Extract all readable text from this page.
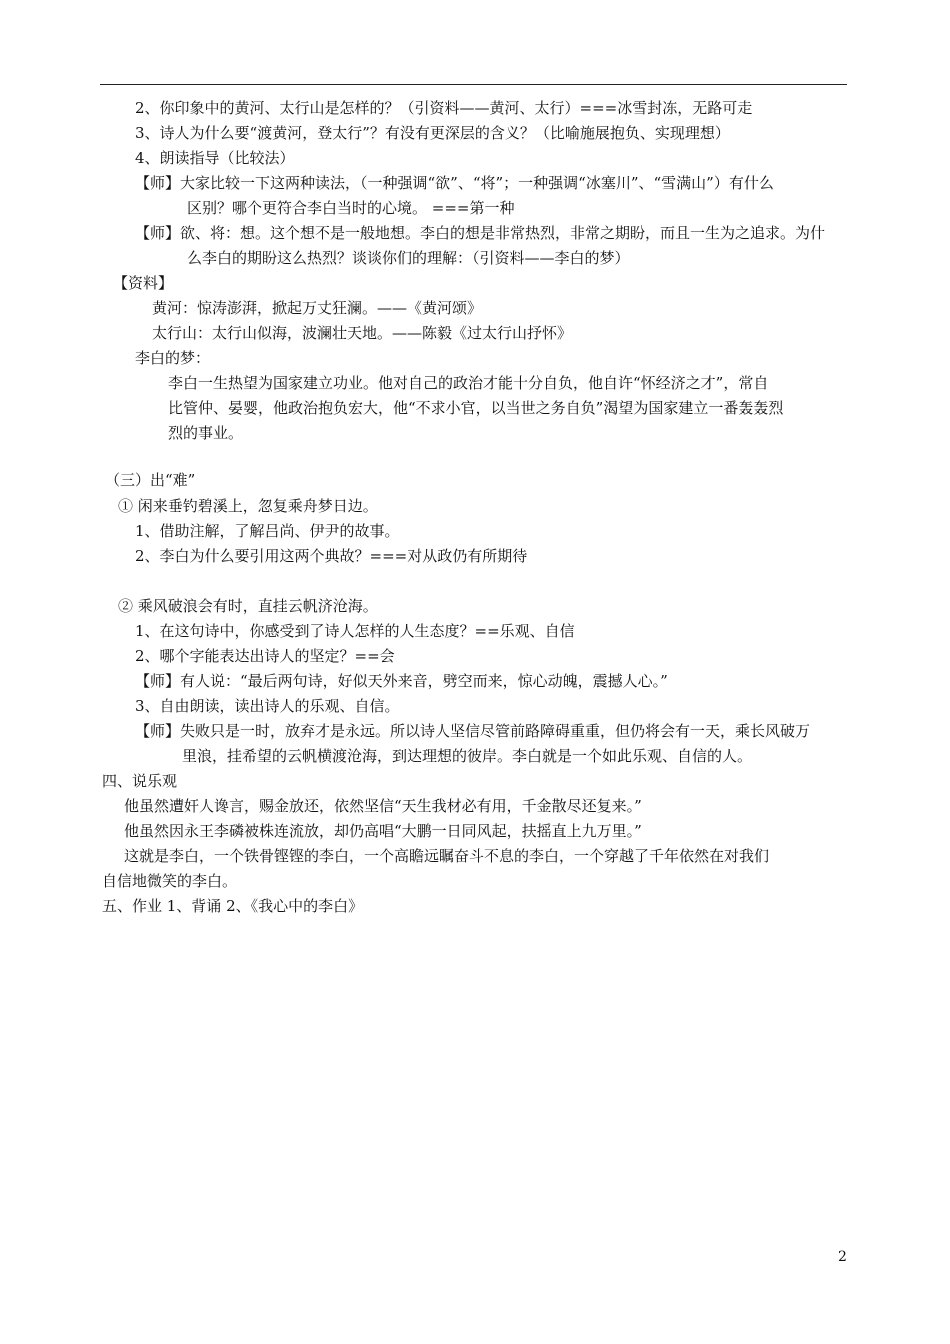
2、你印象中的黄河、太行山是怎样的？（引资料——黄河、太行）===冰雪封冻，无路可走
3、诗人为什么要“渡黄河，登太行”？有没有更深层的含义？（比喻施展抱负、实现理想）
4、朗读指导（比较法）
【师】大家比较一下这两种读法，（一种强调“欲”、“将”；一种强调“冰塞川”、“雪满山”）有什么
区别？哪个更符合李白当时的心境。 ===第一种
【师】欲、将：想。这个想不是一般地想。李白的想是非常热烈，非常之期盼，而且一生为之追求。为什
么李白的期盼这么热烈？谈谈你们的理解：（引资料——李白的梦）
【资料】
黄河：惊涛澎湃，掀起万丈狂澜。——《黄河颂》
太行山：太行山似海，波澜壮天地。——陈毅《过太行山抒怀》
李白的梦：
李白一生热望为国家建立功业。他对自己的政治才能十分自负，他自许“怀经济之才”，常自
比管仲、晏婴，他政治抱负宏大，他“不求小官，以当世之务自负”渴望为国家建立一番轰轰烈
烈的事业。
（三）出“难”
① 闲来垂钓碧溪上，忽复乘舟梦日边。
1、借助注解，了解吕尚、伊尹的故事。
2、李白为什么要引用这两个典故？===对从政仍有所期待
② 乘风破浪会有时，直挂云帆济沧海。
1、在这句诗中，你感受到了诗人怎样的人生态度？==乐观、自信
2、哪个字能表达出诗人的坚定？==会
【师】有人说：“最后两句诗，好似天外来音，劈空而来，惊心动魄，震撼人心。”
3、自由朗读，读出诗人的乐观、自信。
【师】失败只是一时，放弃才是永远。所以诗人坚信尽管前路障碍重重，但仍将会有一天，乘长风破万
里浪，挂希望的云帆横渡沧海，到达理想的彼岸。李白就是一个如此乐观、自信的人。
四、说乐观
他虽然遭奸人谗言，赐金放还，依然坚信“天生我材必有用，千金散尽还复来。”
他虽然因永王李磷被株连流放，却仍高唱“大鹏一日同风起，扶摇直上九万里。”
这就是李白，一个铁骨铿铿的李白，一个高瞻远瞩奋斗不息的李白，一个穿越了千年依然在对我们
自信地微笑的李白。
五、作业 1、背诵 2、《我心中的李白》
2
